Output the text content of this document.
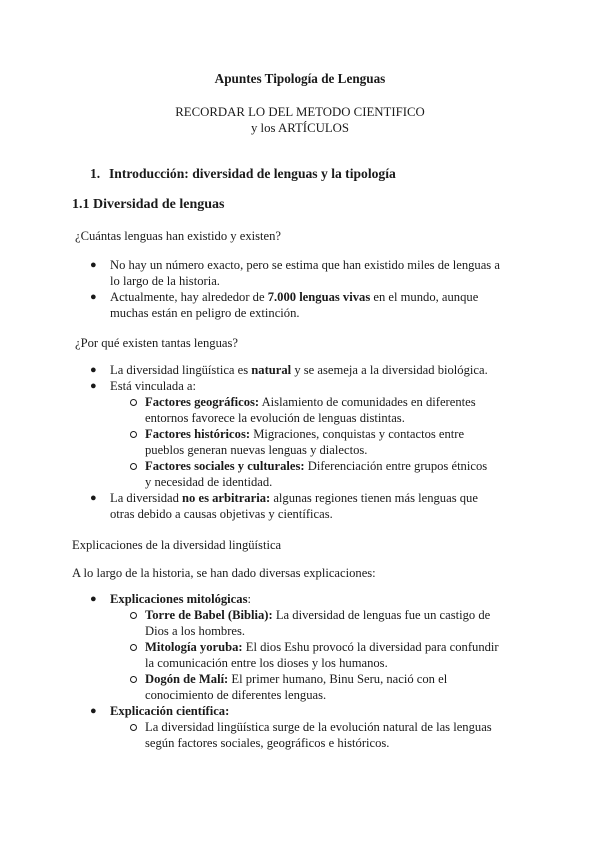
Apuntes Tipología de Lenguas
RECORDAR LO DEL METODO CIENTIFICO
y los ARTÍCULOS
1. Introducción: diversidad de lenguas y la tipología
1.1 Diversidad de lenguas
¿Cuántas lenguas han existido y existen?
● No hay un número exacto, pero se estima que han existido miles de lenguas a
lo largo de la historia.
● Actualmente, hay alrededor de 7.000 lenguas vivas en el mundo, aunque
muchas están en peligro de extinción.
¿Por qué existen tantas lenguas?
● La diversidad lingüística es natural y se asemeja a la diversidad biológica.
● Está vinculada a:
Factores geográficos: Aislamiento de comunidades en diferentes
entornos favorece la evolución de lenguas distintas.
Factores históricos: Migraciones, conquistas y contactos entre
pueblos generan nuevas lenguas y dialectos.
Factores sociales y culturales: Diferenciación entre grupos étnicos
y necesidad de identidad.
● La diversidad no es arbitraria: algunas regiones tienen más lenguas que
otras debido a causas objetivas y científicas.
Explicaciones de la diversidad lingüística
A lo largo de la historia, se han dado diversas explicaciones:
● Explicaciones mitológicas:
Torre de Babel (Biblia): La diversidad de lenguas fue un castigo de
Dios a los hombres.
Mitología yoruba: El dios Eshu provocó la diversidad para confundir
la comunicación entre los dioses y los humanos.
Dogón de Malí: El primer humano, Binu Seru, nació con el
conocimiento de diferentes lenguas.
● Explicación científica:
La diversidad lingüística surge de la evolución natural de las lenguas
según factores sociales, geográficos e históricos.
